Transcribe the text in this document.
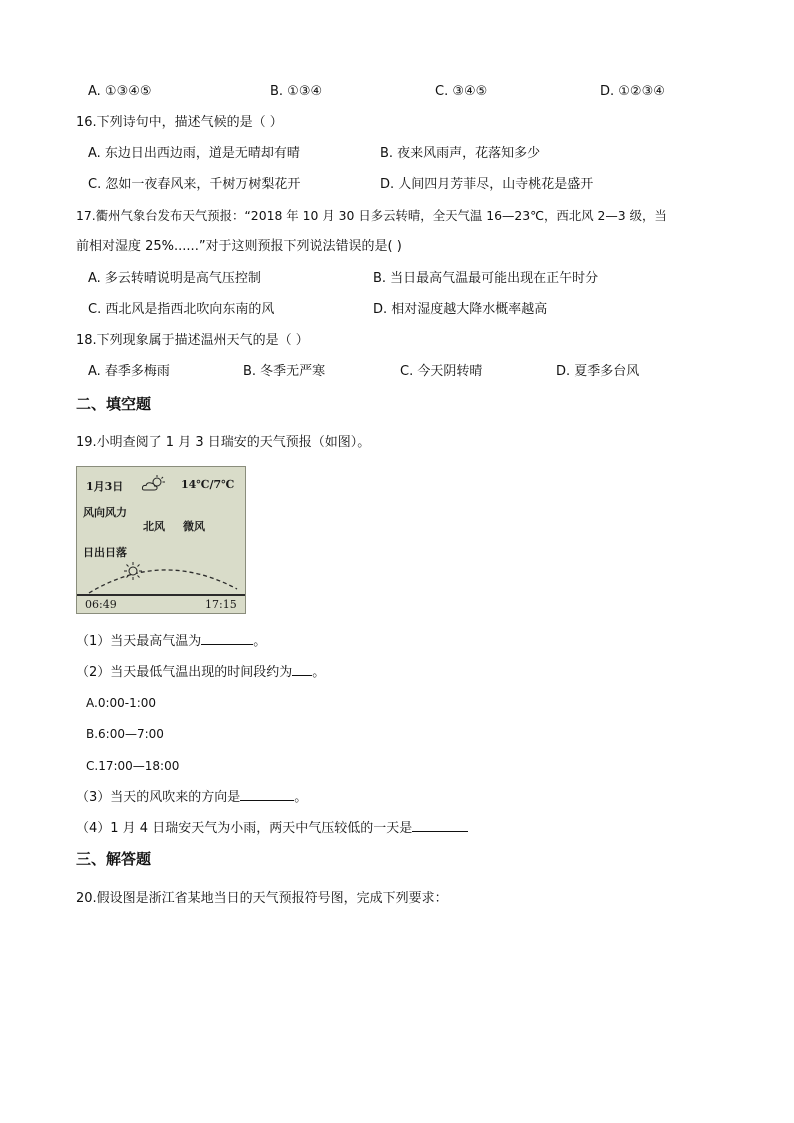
A. ①③④⑤	B. ①③④	C. ③④⑤	D. ①②③④
16.下列诗句中，描述气候的是（ ）
A. 东边日出西边雨，道是无晴却有晴	B. 夜来风雨声，花落知多少
C. 忽如一夜春风来，千树万树梨花开	D. 人间四月芳菲尽，山寺桃花是盛开
17.衢州气象台发布天气预报：“2018 年 10 月 30 日多云转晴，全天气温 16—23℃，西北风 2—3 级，当
前相对湿度 25%......”对于这则预报下列说法错误的是( )
A. 多云转晴说明是高气压控制	B. 当日最高气温最可能出现在正午时分
C. 西北风是指西北吹向东南的风	D. 相对湿度越大降水概率越高
18.下列现象属于描述温州天气的是（ ）
A. 春季多梅雨	B. 冬季无严寒	C. 今天阴转晴	D. 夏季多台风
二、填空题
19.小明查阅了 1 月 3 日瑞安的天气预报（如图）。
1月3日	14℃/7℃
风向风力
北风 微风
日出日落
06:49	17:15
（1）当天最高气温为	。
（2）当天最低气温出现的时间段约为 。
A.0:00-1:00
B.6:00—7:00
C.17:00—18:00
（3）当天的风吹来的方向是	。
（4）1 月 4 日瑞安天气为小雨，两天中气压较低的一天是
三、解答题
20.假设图是浙江省某地当日的天气预报符号图，完成下列要求：
